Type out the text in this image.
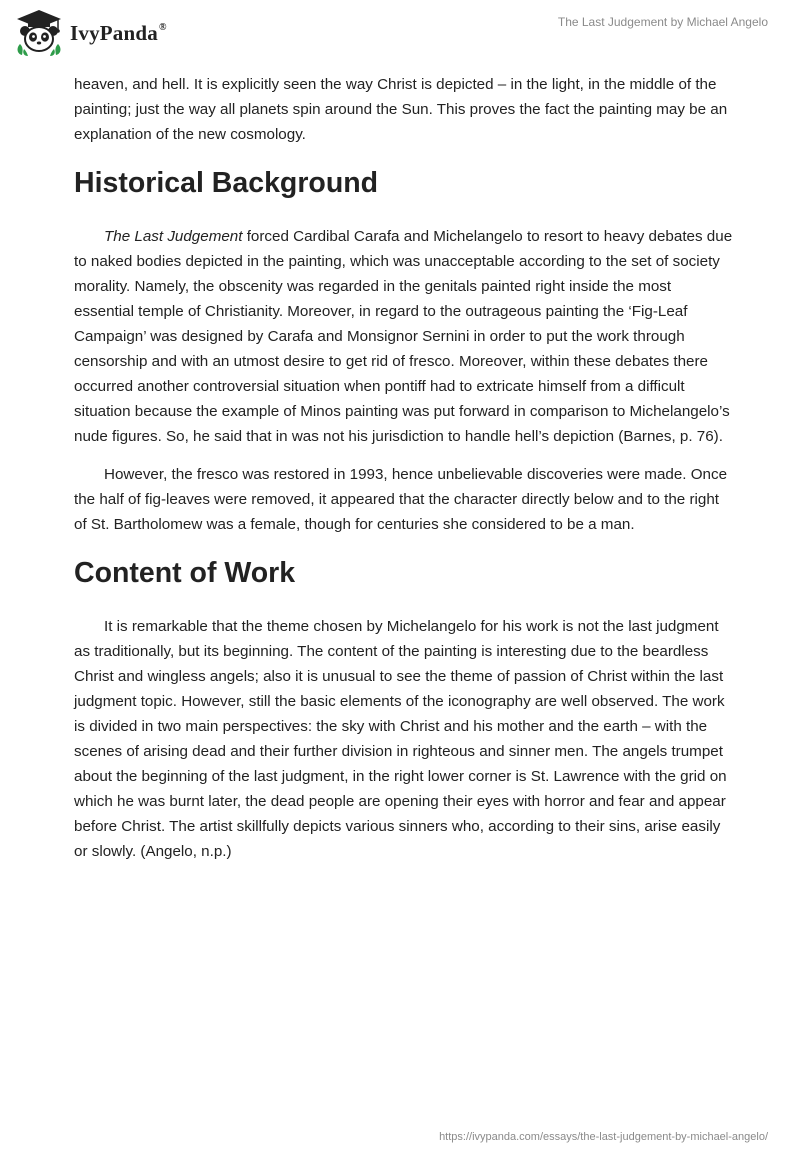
IvyPanda®	The Last Judgement by Michael Angelo

heaven, and hell. It is explicitly seen the way Christ is depicted – in the light, in the middle of the painting; just the way all planets spin around the Sun. This proves the fact the painting may be an explanation of the new cosmology.

Historical Background

The Last Judgement forced Cardibal Carafa and Michelangelo to resort to heavy debates due to naked bodies depicted in the painting, which was unacceptable according to the set of society morality. Namely, the obscenity was regarded in the genitals painted right inside the most essential temple of Christianity. Moreover, in regard to the outrageous painting the ‘Fig-Leaf Campaign’ was designed by Carafa and Monsignor Sernini in order to put the work through censorship and with an utmost desire to get rid of fresco. Moreover, within these debates there occurred another controversial situation when pontiff had to extricate himself from a difficult situation because the example of Minos painting was put forward in comparison to Michelangelo’s nude figures. So, he said that in was not his jurisdiction to handle hell’s depiction (Barnes, p. 76).

However, the fresco was restored in 1993, hence unbelievable discoveries were made. Once the half of fig-leaves were removed, it appeared that the character directly below and to the right of St. Bartholomew was a female, though for centuries she considered to be a man.

Content of Work

It is remarkable that the theme chosen by Michelangelo for his work is not the last judgment as traditionally, but its beginning. The content of the painting is interesting due to the beardless Christ and wingless angels; also it is unusual to see the theme of passion of Christ within the last judgment topic. However, still the basic elements of the iconography are well observed. The work is divided in two main perspectives: the sky with Christ and his mother and the earth – with the scenes of arising dead and their further division in righteous and sinner men. The angels trumpet about the beginning of the last judgment, in the right lower corner is St. Lawrence with the grid on which he was burnt later, the dead people are opening their eyes with horror and fear and appear before Christ. The artist skillfully depicts various sinners who, according to their sins, arise easily or slowly. (Angelo, n.p.)

https://ivypanda.com/essays/the-last-judgement-by-michael-angelo/
